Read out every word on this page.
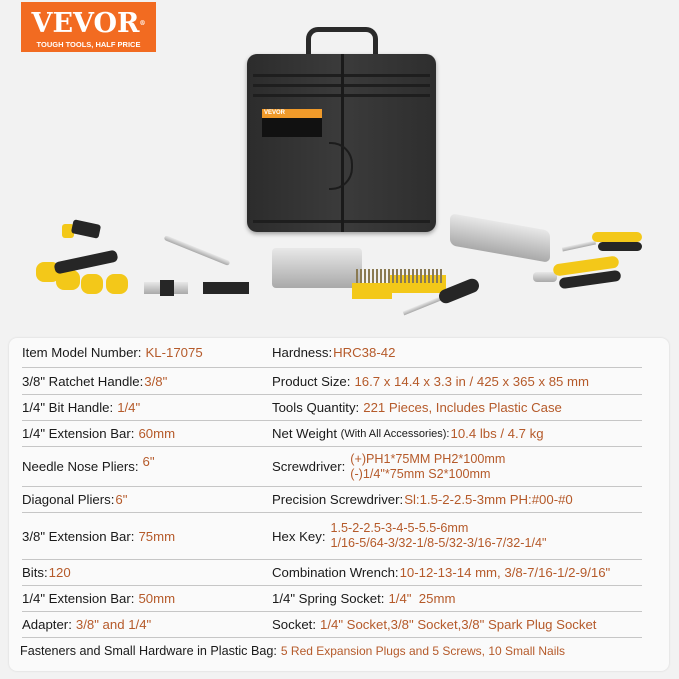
VEVOR®
TOUGH TOOLS, HALF PRICE
VEVOR
Item Model Number: KL-17075	Hardness: HRC38-42
3/8" Ratchet Handle: 3/8"	Product Size: 16.7 x 14.4 x 3.3 in / 425 x 365 x 85 mm
1/4" Bit Handle: 1/4"	Tools Quantity: 221 Pieces, Includes Plastic Case
1/4" Extension Bar: 60mm	Net Weight
(With All Accessories): 10.4 lbs / 4.7 kg
Needle Nose Pliers: 6"	Screwdriver:
(+)PH1*75MM PH2*100mm
(-)1/4"*75mm S2*100mm
Diagonal Pliers: 6"	Precision Screwdriver: Sl:1.5-2-2.5-3mm PH:#00-#0
3/8" Extension Bar: 75mm	Hex Key:
1.5-2-2.5-3-4-5-5.5-6mm
1/16-5/64-3/32-1/8-5/32-3/16-7/32-1/4"
Bits: 120	Combination Wrench: 10-12-13-14 mm, 3/8-7/16-1/2-9/16"
1/4" Extension Bar: 50mm	1/4" Spring Socket: 1/4"  25mm
Adapter: 3/8" and 1/4"	Socket: 1/4" Socket,3/8" Socket,3/8" Spark Plug Socket
Fasteners and Small Hardware in Plastic Bag: 5 Red Expansion Plugs and 5 Screws, 10 Small Nails
